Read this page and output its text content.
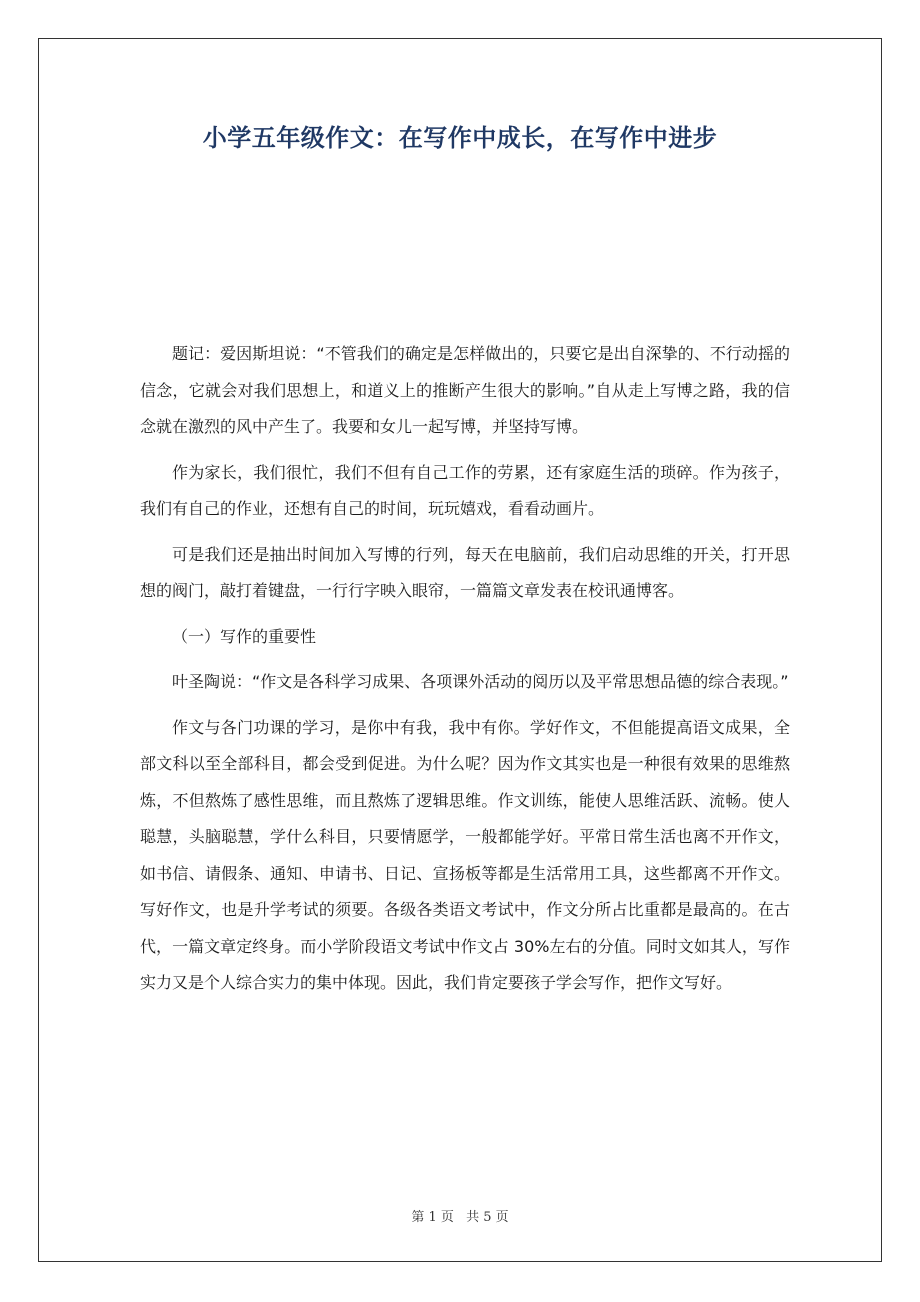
小学五年级作文：在写作中成长，在写作中进步

题记：爱因斯坦说：“不管我们的确定是怎样做出的，只要它是出自深挚的、不行动摇的信念，它就会对我们思想上，和道义上的推断产生很大的影响。”自从走上写博之路，我的信念就在激烈的风中产生了。我要和女儿一起写博，并坚持写博。

作为家长，我们很忙，我们不但有自己工作的劳累，还有家庭生活的琐碎。作为孩子，我们有自己的作业，还想有自己的时间，玩玩嬉戏，看看动画片。

可是我们还是抽出时间加入写博的行列，每天在电脑前，我们启动思维的开关，打开思想的阀门，敲打着键盘，一行行字映入眼帘，一篇篇文章发表在校讯通博客。

（一）写作的重要性

叶圣陶说：“作文是各科学习成果、各项课外活动的阅历以及平常思想品德的综合表现。”

作文与各门功课的学习，是你中有我，我中有你。学好作文，不但能提高语文成果，全部文科以至全部科目，都会受到促进。为什么呢？因为作文其实也是一种很有效果的思维熬炼，不但熬炼了感性思维，而且熬炼了逻辑思维。作文训练，能使人思维活跃、流畅。使人聪慧，头脑聪慧，学什么科目，只要情愿学，一般都能学好。平常日常生活也离不开作文，如书信、请假条、通知、申请书、日记、宣扬板等都是生活常用工具，这些都离不开作文。写好作文，也是升学考试的须要。各级各类语文考试中，作文分所占比重都是最高的。在古代，一篇文章定终身。而小学阶段语文考试中作文占 30%左右的分值。同时文如其人，写作实力又是个人综合实力的集中体现。因此，我们肯定要孩子学会写作，把作文写好。

第 1 页 共 5 页
